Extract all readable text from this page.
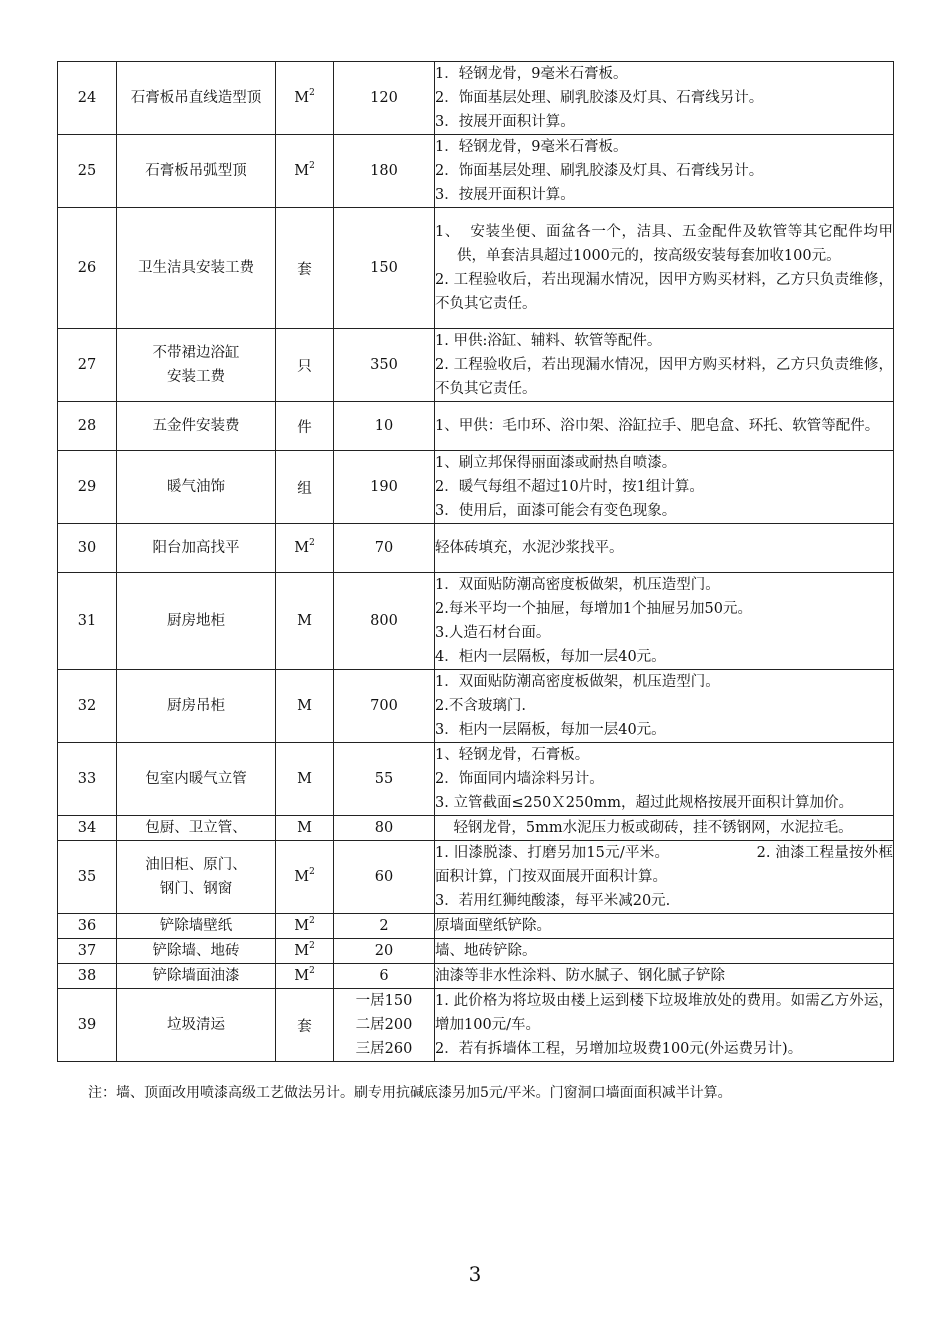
24	石膏板吊直线造型顶	$M^2$	120	1．轻钢龙骨，9毫米石膏板。
2．饰面基层处理、刷乳胶漆及灯具、石膏线另计。
3．按展开面积计算。

25	石膏板吊弧型顶	$M^2$	180	1．轻钢龙骨，9毫米石膏板。
2．饰面基层处理、刷乳胶漆及灯具、石膏线另计。
3．按展开面积计算。

26	卫生洁具安装工费	套	150	1、  安装坐便、面盆各一个，洁具、五金配件及软管等其它配件均甲供，单套洁具超过1000元的，按高级安装每套加收100元。
2. 工程验收后，若出现漏水情况，因甲方购买材料，乙方只负责维修，不负其它责任。

27	不带裙边浴缸
安装工费	只	350	1. 甲供:浴缸、辅料、软管等配件。
2. 工程验收后，若出现漏水情况，因甲方购买材料，乙方只负责维修，不负其它责任。

28	五金件安装费	件	10	1、甲供：毛巾环、浴巾架、浴缸拉手、肥皂盒、环托、软管等配件。

29	暖气油饰	组	190	1、刷立邦保得丽面漆或耐热自喷漆。
2．暖气每组不超过10片时，按1组计算。
3．使用后，面漆可能会有变色现象。

30	阳台加高找平	$M^2$	70	轻体砖填充，水泥沙浆找平。

31	厨房地柜	M	800	1．双面贴防潮高密度板做架，机压造型门。
2.每米平均一个抽屉，每增加1个抽屉另加50元。
3.人造石材台面。
4．柜内一层隔板，每加一层40元。

32	厨房吊柜	M	700	1．双面贴防潮高密度板做架，机压造型门。
2.不含玻璃门.
3．柜内一层隔板，每加一层40元。

33	包室内暖气立管	M	55	1、轻钢龙骨，石膏板。
2．饰面同内墙涂料另计。
3. 立管截面≤250Ｘ250mm，超过此规格按展开面积计算加价。

34	包厨、卫立管、	M	80	轻钢龙骨，5mm水泥压力板或砌砖，挂不锈钢网，水泥拉毛。

35	油旧柜、原门、
钢门、钢窗	$M^2$	60	1. 旧漆脱漆、打磨另加15元/平米。                  2. 油漆工程量按外框面积计算，门按双面展开面积计算。
3．若用红狮纯酸漆，每平米减20元.

36	铲除墙壁纸	$M^2$	2	原墙面壁纸铲除。

37	铲除墙、地砖	$M^2$	20	墙、地砖铲除。

38	铲除墙面油漆	$M^2$	6	油漆等非水性涂料、防水腻子、钢化腻子铲除

39	垃圾清运	套	一居150
二居200
三居260	1. 此价格为将垃圾由楼上运到楼下垃圾堆放处的费用。如需乙方外运，增加100元/车。
2．若有拆墙体工程，另增加垃圾费100元(外运费另计)。
注：墙、顶面改用喷漆高级工艺做法另计。刷专用抗碱底漆另加5元/平米。门窗洞口墙面面积减半计算。
3
